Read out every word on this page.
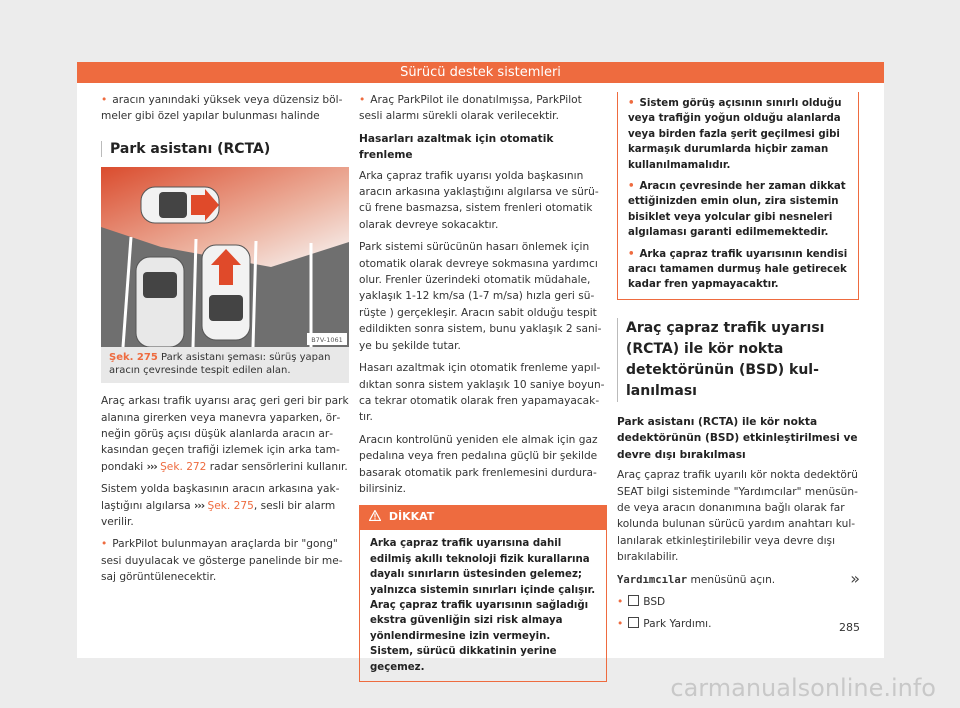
Sürücü destek sistemleri

• aracın yanındaki yüksek veya düzensiz bölmeler gibi özel yapılar bulunması halinde

Park asistanı (RCTA)
B7V-1061
Şek. 275 Park asistanı şeması: sürüş yapan aracın çevresinde tespit edilen alan.

Araç arkası trafik uyarısı araç geri geri bir park alanına girerken veya manevra yaparken, örneğin görüş açısı düşük alanlarda aracın arkasından geçen trafiği izlemek için arka tampondaki ››› Şek. 272 radar sensörlerini kullanır.

Sistem yolda başkasının aracın arkasına yaklaştığını algılarsa ››› Şek. 275, sesli bir alarm verilir.

• ParkPilot bulunmayan araçlarda bir "gong" sesi duyulacak ve gösterge panelinde bir mesaj görüntülenecektir.

• Araç ParkPilot ile donatılmışsa, ParkPilot sesli alarmı sürekli olarak verilecektir.

Hasarları azaltmak için otomatik frenleme

Arka çapraz trafik uyarısı yolda başkasının aracın arkasına yaklaştığını algılarsa ve sürücü frene basmazsa, sistem frenleri otomatik olarak devreye sokacaktır.

Park sistemi sürücünün hasarı önlemek için otomatik olarak devreye sokmasına yardımcı olur. Frenler üzerindeki otomatik müdahale, yaklaşık 1-12 km/sa (1-7 m/sa) hızla geri sürüşte ) gerçekleşir. Aracın sabit olduğu tespit edildikten sonra sistem, bunu yaklaşık 2 saniye bu şekilde tutar.

Hasarı azaltmak için otomatik frenleme yapıldıktan sonra sistem yaklaşık 10 saniye boyunca tekrar otomatik olarak fren yapamayacaktır.

Aracın kontrolünü yeniden ele almak için gaz pedalına veya fren pedalına güçlü bir şekilde basarak otomatik park frenlemesini durdurabilirsiniz.

DİKKAT
Arka çapraz trafik uyarısına dahil edilmiş akıllı teknoloji fizik kurallarına dayalı sınırların üstesinden gelemez; yalnızca sistemin sınırları içinde çalışır. Araç çapraz trafik uyarısının sağladığı ekstra güvenliğin sizi risk almaya yönlendirmesine izin vermeyin. Sistem, sürücü dikkatinin yerine geçemez.

• Sistem görüş açısının sınırlı olduğu veya trafiğin yoğun olduğu alanlarda veya birden fazla şerit geçilmesi gibi karmaşık durumlarda hiçbir zaman kullanılmamalıdır.

• Aracın çevresinde her zaman dikkat ettiğinizden emin olun, zira sistemin bisiklet veya yolcular gibi nesneleri algılaması garanti edilmemektedir.

• Arka çapraz trafik uyarısının kendisi aracı tamamen durmuş hale getirecek kadar fren yapmayacaktır.

Araç çapraz trafik uyarısı (RCTA) ile kör nokta detektörünün (BSD) kullanılması

Park asistanı (RCTA) ile kör nokta dedektörünün (BSD) etkinleştirilmesi ve devre dışı bırakılması

Araç çapraz trafik uyarılı kör nokta dedektörü SEAT bilgi sisteminde "Yardımcılar" menüsünde veya aracın donanımına bağlı olarak far kolunda bulunan sürücü yardım anahtarı kullanılarak etkinleştirilebilir veya devre dışı bırakılabilir.

Yardımcılar menüsünü açın.

• BSD

• Park Yardımı.

»
285
carmanualsonline.info
